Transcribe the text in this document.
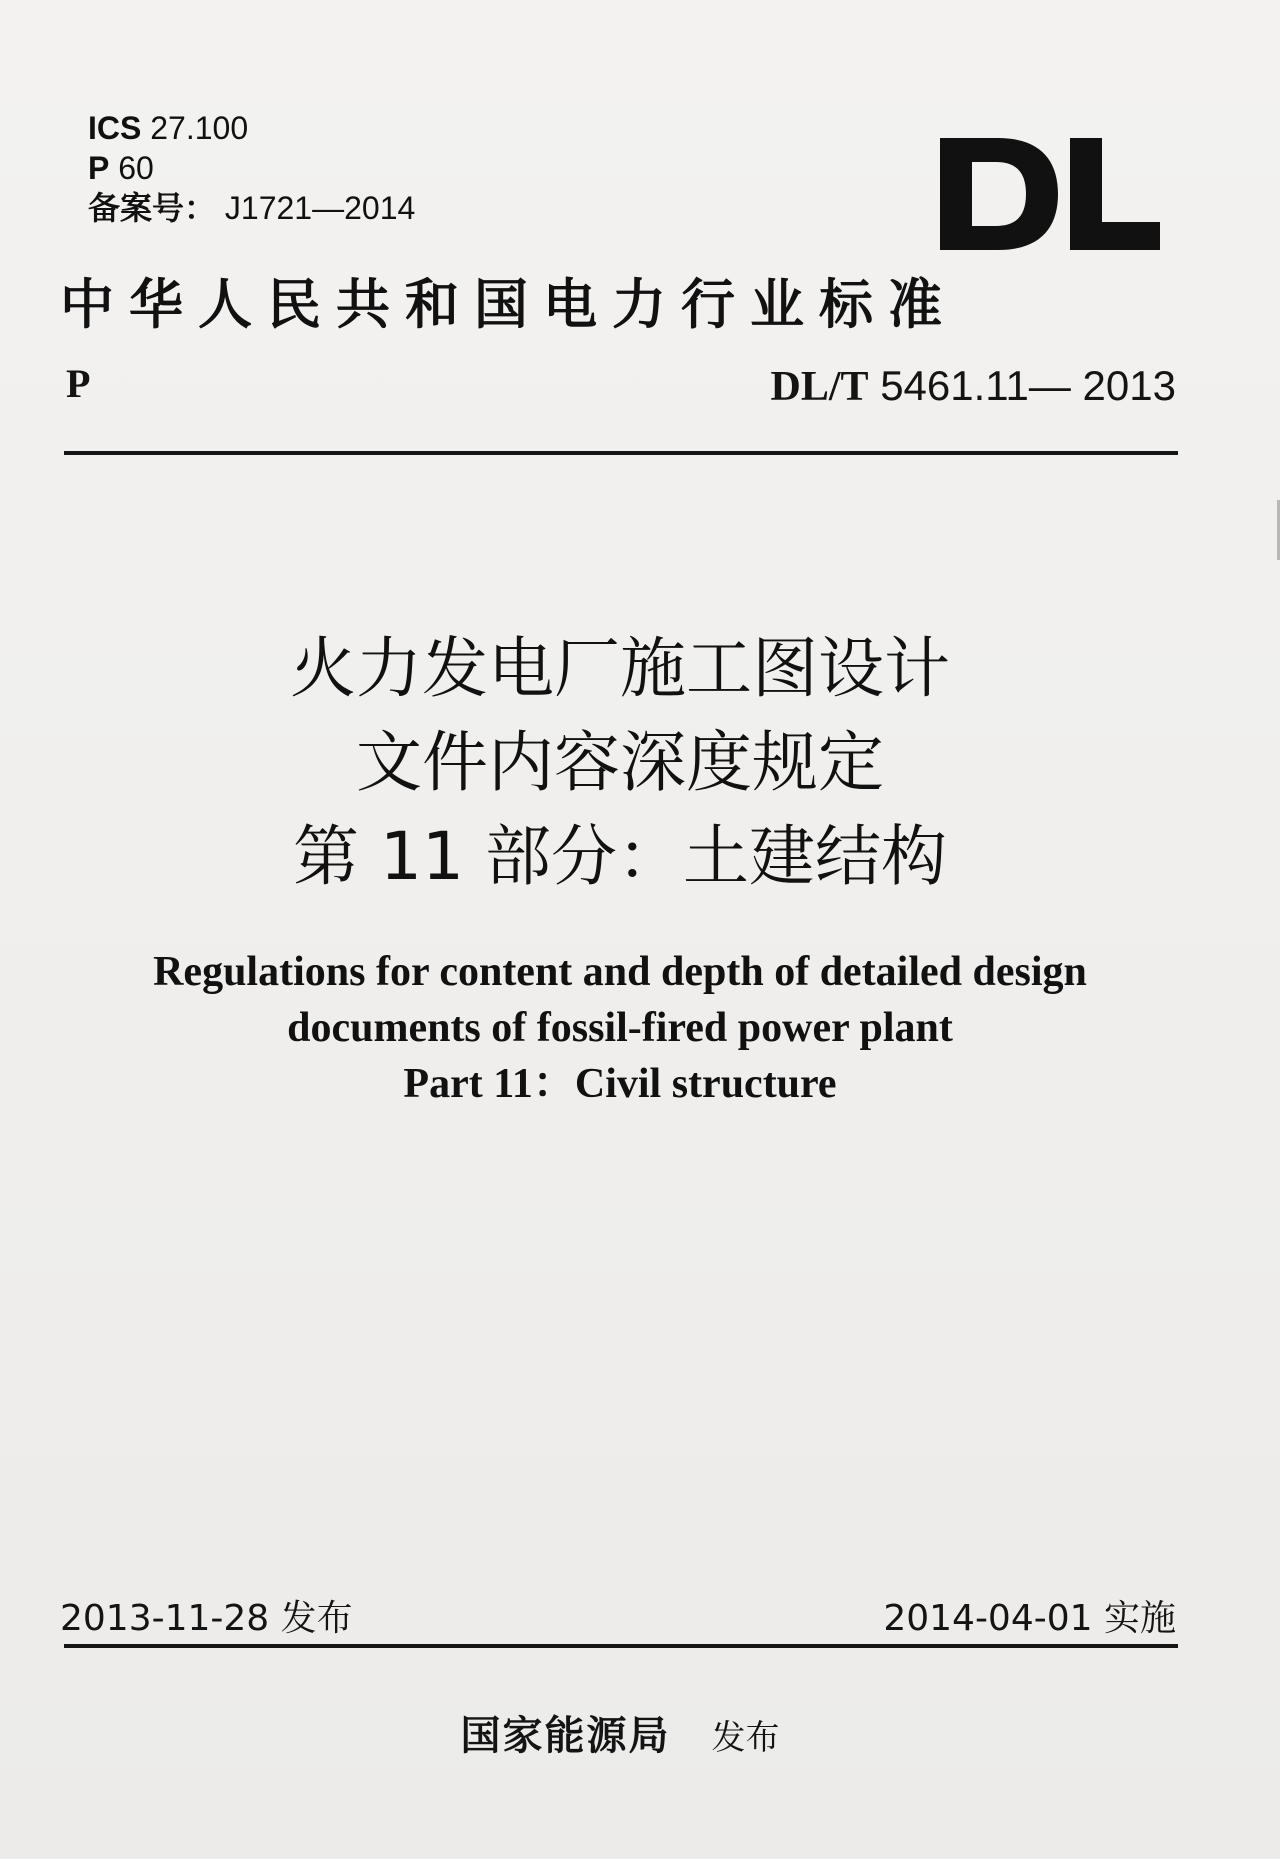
ICS 27.100
P 60
备案号： J1721—2014
中华人民共和国电力行业标准
P	DL/T 5461.11— 2013
火力发电厂施工图设计
文件内容深度规定
第 11 部分：土建结构
Regulations for content and depth of detailed design
documents of fossil-fired power plant
Part 11：Civil structure
2013-11-28 发布	2014-04-01 实施
国家能源局 发布
